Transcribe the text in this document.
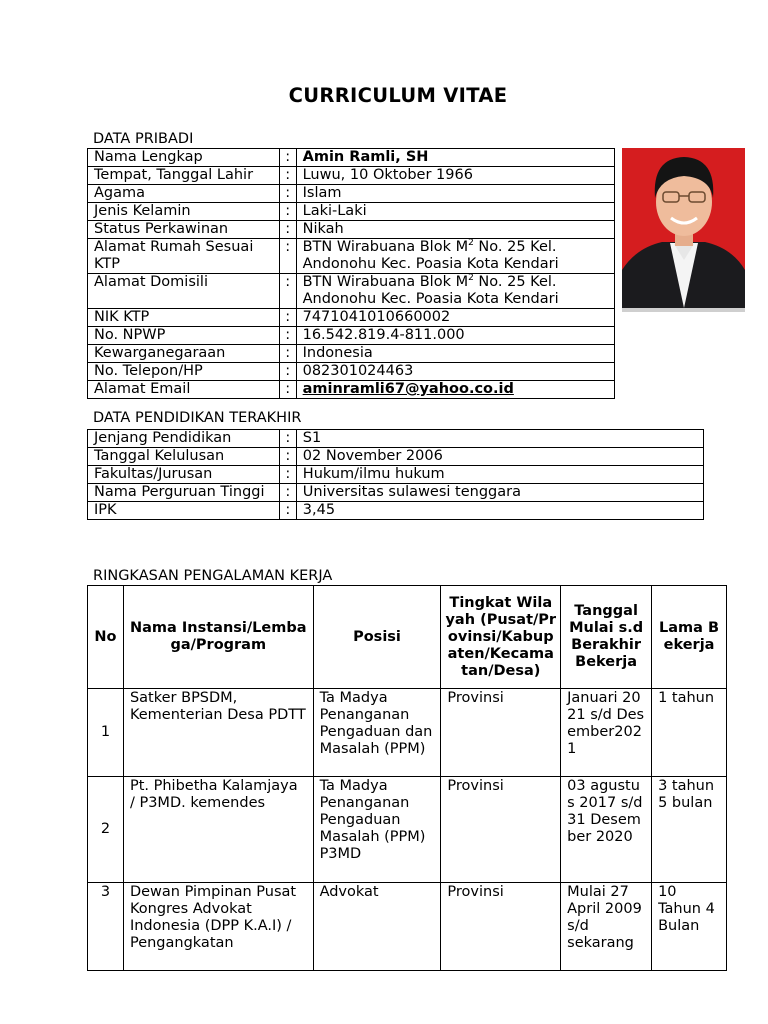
CURRICULUM VITAE
DATA PRIBADI
Nama Lengkap	:	Amin Ramli, SH
Tempat, Tanggal Lahir	:	Luwu, 10 Oktober 1966
Agama	:	Islam
Jenis Kelamin	:	Laki-Laki
Status Perkawinan	:	Nikah
Alamat Rumah Sesuai KTP	:	BTN Wirabuana Blok $M^2$ No. 25 Kel. Andonohu Kec. Poasia Kota Kendari
Alamat Domisili	:	BTN Wirabuana Blok $M^2$ No. 25 Kel. Andonohu Kec. Poasia Kota Kendari
NIK KTP	:	7471041010660002
No. NPWP	:	16.542.819.4-811.000
Kewarganegaraan	:	Indonesia
No. Telepon/HP	:	082301024463
Alamat Email	:	aminramli67@yahoo.co.id
DATA PENDIDIKAN TERAKHIR
Jenjang Pendidikan	:	S1
Tanggal Kelulusan	:	02 November 2006
Fakultas/Jurusan	:	Hukum/ilmu hukum
Nama Perguruan Tinggi	:	Universitas sulawesi tenggara
IPK	:	3,45
RINGKASAN PENGALAMAN KERJA
No	Nama Instansi/Lembaga/Program	Posisi	Tingkat Wilayah (Pusat/Provinsi/Kabupaten/Kecamatan/Desa)	Tanggal Mulai s.d Berakhir Bekerja	Lama Bekerja
1	Satker BPSDM, Kementerian Desa PDTT	Ta Madya Penanganan Pengaduan dan Masalah (PPM)	Provinsi	Januari 2021 s/d Desember2021	1 tahun
2	Pt. Phibetha Kalamjaya / P3MD. kemendes	Ta Madya Penanganan Pengaduan Masalah (PPM) P3MD	Provinsi	03 agustus 2017 s/d 31 Desember 2020	3 tahun 5 bulan
3	Dewan Pimpinan Pusat Kongres Advokat Indonesia (DPP K.A.I) / Pengangkatan	Advokat	Provinsi	Mulai 27 April 2009 s/d sekarang	10 Tahun 4 Bulan
